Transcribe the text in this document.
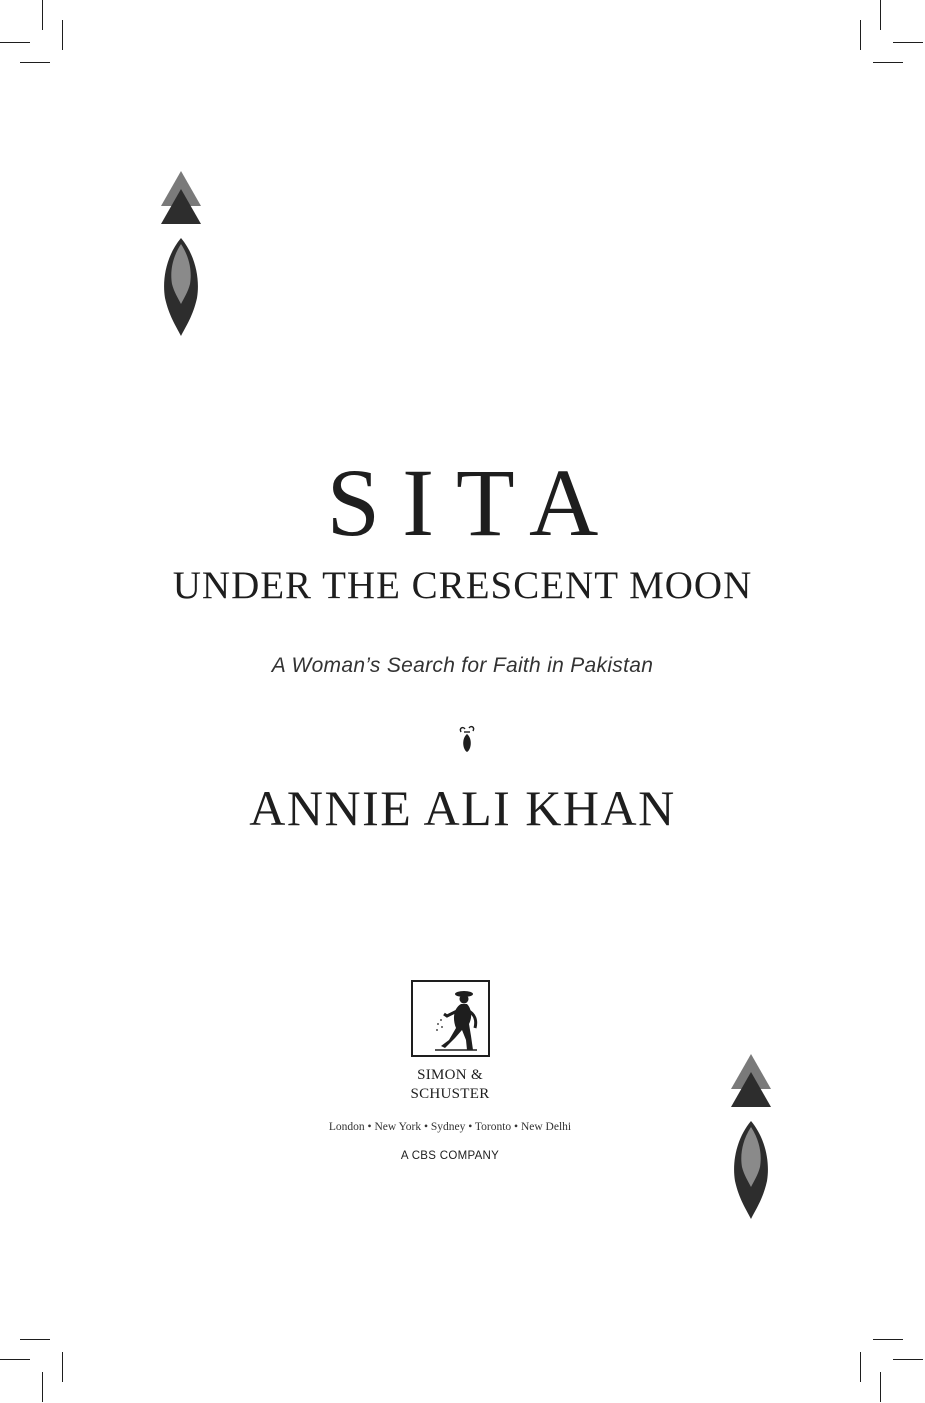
SITA
UNDER THE CRESCENT MOON
A Woman’s Search for Faith in Pakistan
ANNIE ALI KHAN
SIMON &
SCHUSTER
London • New York • Sydney • Toronto • New Delhi
A CBS COMPANY
